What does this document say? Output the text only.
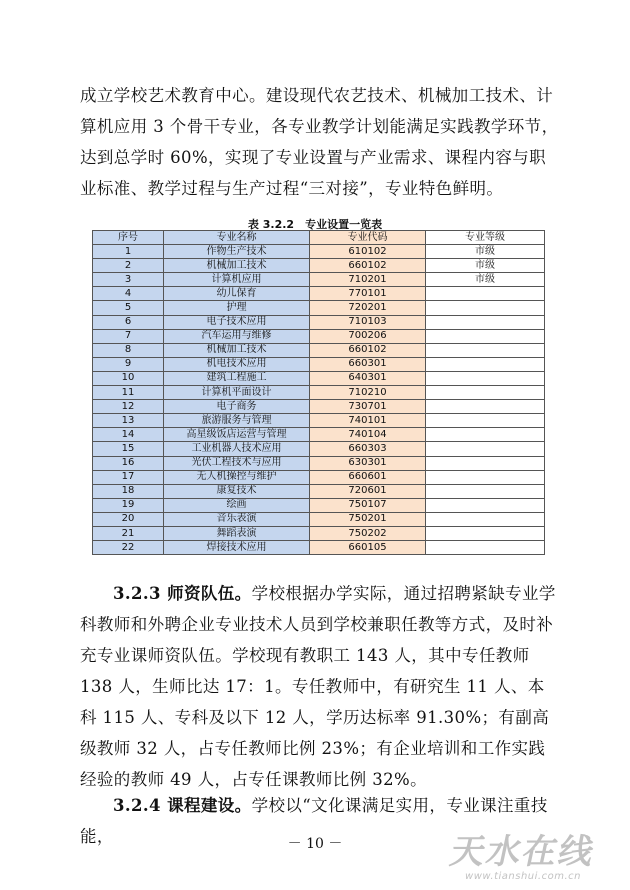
成立学校艺术教育中心。建设现代农艺技术、机械加工技术、计算机应用 3 个骨干专业，各专业教学计划能满足实践教学环节，达到总学时 60%，实现了专业设置与产业需求、课程内容与职业标准、教学过程与生产过程“三对接”，专业特色鲜明。

表 3.2.2　专业设置一览表
序号	专业名称	专业代码	专业等级
1	作物生产技术	610102	市级
2	机械加工技术	660102	市级
3	计算机应用	710201	市级
4	幼儿保育	770101	
5	护理	720201	
6	电子技术应用	710103	
7	汽车运用与维修	700206	
8	机械加工技术	660102	
9	机电技术应用	660301	
10	建筑工程施工	640301	
11	计算机平面设计	710210	
12	电子商务	730701	
13	旅游服务与管理	740101	
14	高星级饭店运营与管理	740104	
15	工业机器人技术应用	660303	
16	光伏工程技术与应用	630301	
17	无人机操控与维护	660601	
18	康复技术	720601	
19	绘画	750107	
20	音乐表演	750201	
21	舞蹈表演	750202	
22	焊接技术应用	660105	

3.2.3 师资队伍。学校根据办学实际，通过招聘紧缺专业学科教师和外聘企业专业技术人员到学校兼职任教等方式，及时补充专业课师资队伍。学校现有教职工 143 人，其中专任教师 138 人，生师比达 17：1。专任教师中，有研究生 11 人、本科 115 人、专科及以下 12 人，学历达标率 91.30%；有副高级教师 32 人，占专任教师比例 23%；有企业培训和工作实践经验的教师 49 人，占专任课教师比例 32%。

3.2.4 课程建设。学校以“文化课满足实用，专业课注重技能，	－ 10 －	天水在线
www.tianshui.com.cn
